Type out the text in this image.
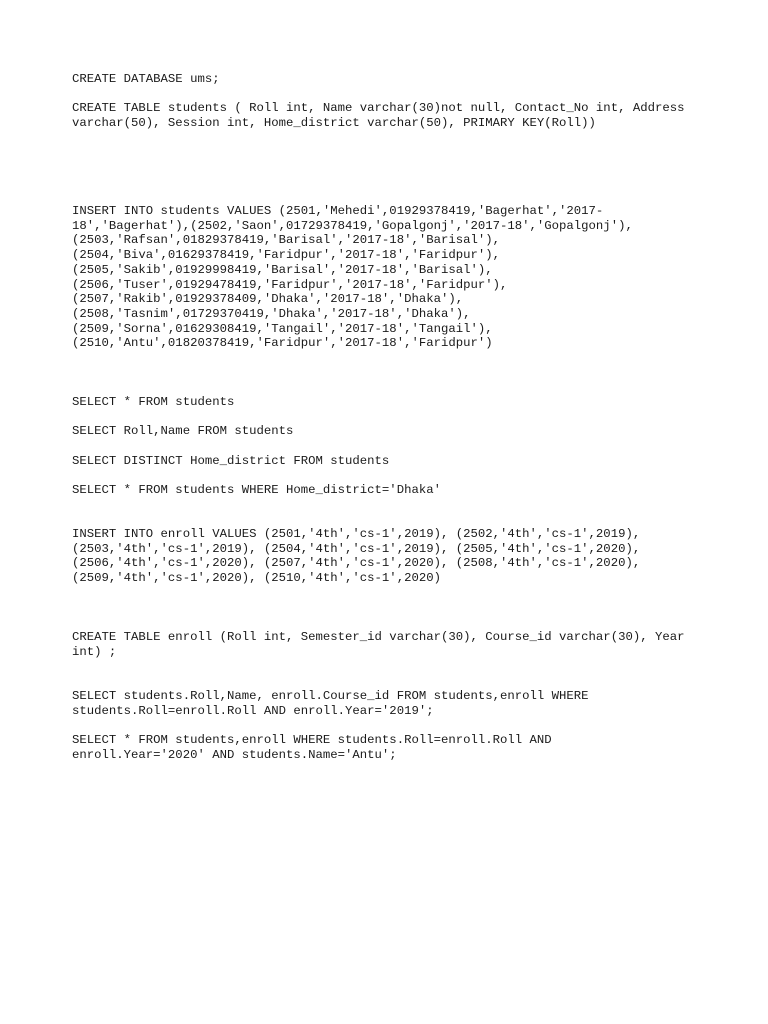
CREATE DATABASE ums;
CREATE TABLE students ( Roll int, Name varchar(30)not null, Contact_No int, Address
varchar(50), Session int, Home_district varchar(50), PRIMARY KEY(Roll))
INSERT INTO students VALUES (2501,'Mehedi',01929378419,'Bagerhat','2017-
18','Bagerhat'),(2502,'Saon',01729378419,'Gopalgonj','2017-18','Gopalgonj'),
(2503,'Rafsan',01829378419,'Barisal','2017-18','Barisal'),
(2504,'Biva',01629378419,'Faridpur','2017-18','Faridpur'),
(2505,'Sakib',01929998419,'Barisal','2017-18','Barisal'),
(2506,'Tuser',01929478419,'Faridpur','2017-18','Faridpur'),
(2507,'Rakib',01929378409,'Dhaka','2017-18','Dhaka'),
(2508,'Tasnim',01729370419,'Dhaka','2017-18','Dhaka'),
(2509,'Sorna',01629308419,'Tangail','2017-18','Tangail'),
(2510,'Antu',01820378419,'Faridpur','2017-18','Faridpur')
SELECT * FROM students
SELECT Roll,Name FROM students
SELECT DISTINCT Home_district FROM students
SELECT * FROM students WHERE Home_district='Dhaka'
INSERT INTO enroll VALUES (2501,'4th','cs-1',2019), (2502,'4th','cs-1',2019),
(2503,'4th','cs-1',2019), (2504,'4th','cs-1',2019), (2505,'4th','cs-1',2020),
(2506,'4th','cs-1',2020), (2507,'4th','cs-1',2020), (2508,'4th','cs-1',2020),
(2509,'4th','cs-1',2020), (2510,'4th','cs-1',2020)
CREATE TABLE enroll (Roll int, Semester_id varchar(30), Course_id varchar(30), Year
int) ;
SELECT students.Roll,Name, enroll.Course_id FROM students,enroll WHERE
students.Roll=enroll.Roll AND enroll.Year='2019';
SELECT * FROM students,enroll WHERE students.Roll=enroll.Roll AND
enroll.Year='2020' AND students.Name='Antu';
